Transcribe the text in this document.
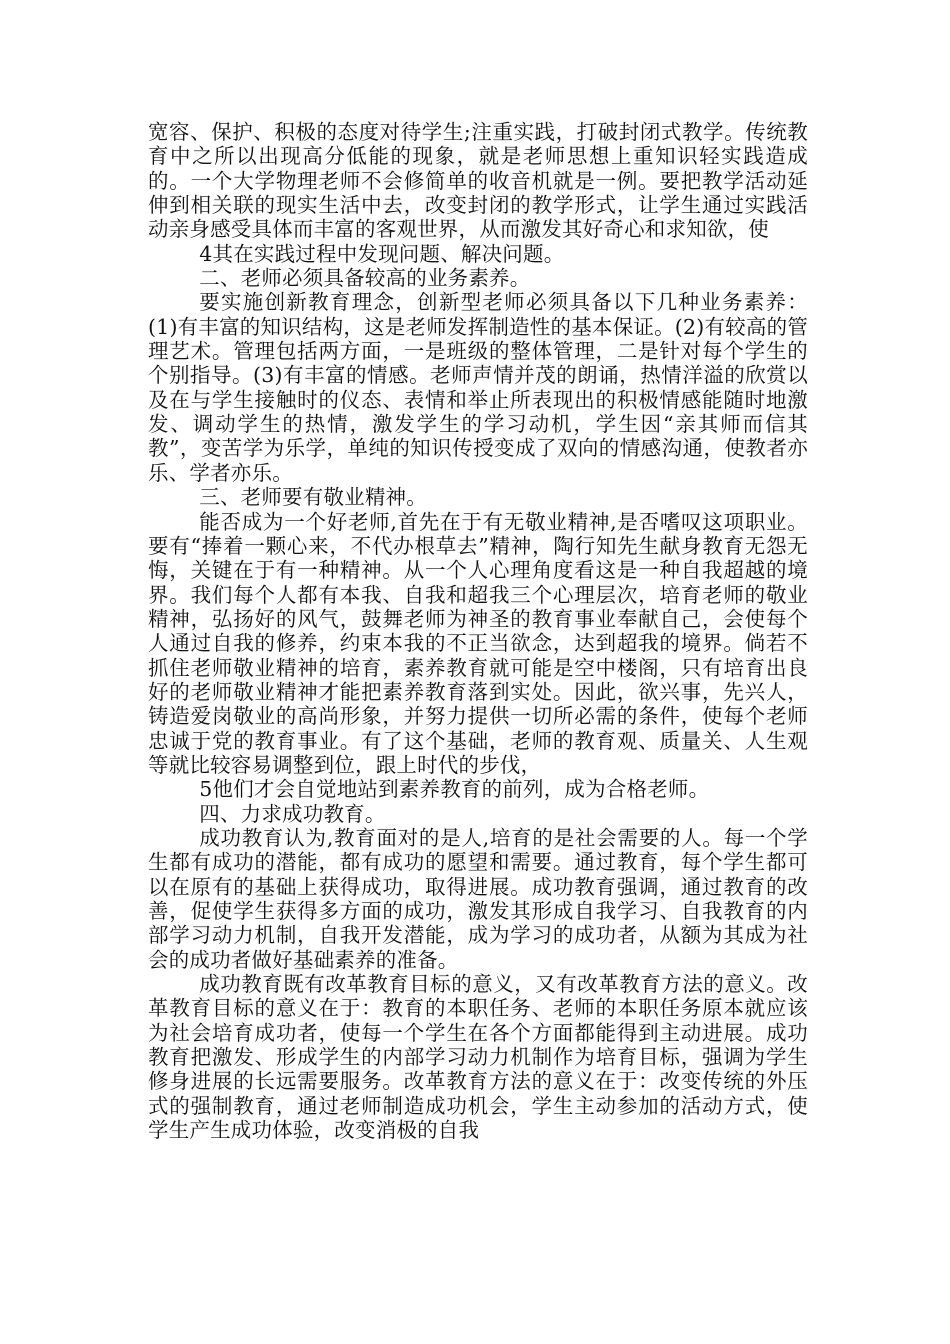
宽容、保护、积极的态度对待学生;注重实践，打破封闭式教学。传统教育中之所以出现高分低能的现象，就是老师思想上重知识轻实践造成的。一个大学物理老师不会修简单的收音机就是一例。要把教学活动延伸到相关联的现实生活中去，改变封闭的教学形式，让学生通过实践活动亲身感受具体而丰富的客观世界，从而激发其好奇心和求知欲，使

4其在实践过程中发现问题、解决问题。

二、老师必须具备较高的业务素养。

要实施创新教育理念，创新型老师必须具备以下几种业务素养：(1)有丰富的知识结构，这是老师发挥制造性的基本保证。(2)有较高的管理艺术。管理包括两方面，一是班级的整体管理，二是针对每个学生的个别指导。(3)有丰富的情感。老师声情并茂的朗诵，热情洋溢的欣赏以及在与学生接触时的仪态、表情和举止所表现出的积极情感能随时地激发、调动学生的热情，激发学生的学习动机，学生因“亲其师而信其教”，变苦学为乐学，单纯的知识传授变成了双向的情感沟通，使教者亦乐、学者亦乐。

三、老师要有敬业精神。

能否成为一个好老师,首先在于有无敬业精神,是否嗜叹这项职业。要有“捧着一颗心来，不代办根草去”精神，陶行知先生献身教育无怨无悔，关键在于有一种精神。从一个人心理角度看这是一种自我超越的境界。我们每个人都有本我、自我和超我三个心理层次，培育老师的敬业精神，弘扬好的风气，鼓舞老师为神圣的教育事业奉献自己，会使每个人通过自我的修养，约束本我的不正当欲念，达到超我的境界。倘若不抓住老师敬业精神的培育，素养教育就可能是空中楼阁，只有培育出良好的老师敬业精神才能把素养教育落到实处。因此，欲兴事，先兴人，铸造爱岗敬业的高尚形象，并努力提供一切所必需的条件，使每个老师忠诚于党的教育事业。有了这个基础，老师的教育观、质量关、人生观等就比较容易调整到位，跟上时代的步伐，

5他们才会自觉地站到素养教育的前列，成为合格老师。

四、力求成功教育。

成功教育认为,教育面对的是人,培育的是社会需要的人。每一个学生都有成功的潜能，都有成功的愿望和需要。通过教育，每个学生都可以在原有的基础上获得成功，取得进展。成功教育强调，通过教育的改善，促使学生获得多方面的成功，激发其形成自我学习、自我教育的内部学习动力机制，自我开发潜能，成为学习的成功者，从额为其成为社会的成功者做好基础素养的准备。

成功教育既有改革教育目标的意义，又有改革教育方法的意义。改革教育目标的意义在于：教育的本职任务、老师的本职任务原本就应该为社会培育成功者，使每一个学生在各个方面都能得到主动进展。成功教育把激发、形成学生的内部学习动力机制作为培育目标，强调为学生修身进展的长远需要服务。改革教育方法的意义在于：改变传统的外压式的强制教育，通过老师制造成功机会，学生主动参加的活动方式，使学生产生成功体验，改变消极的自我
